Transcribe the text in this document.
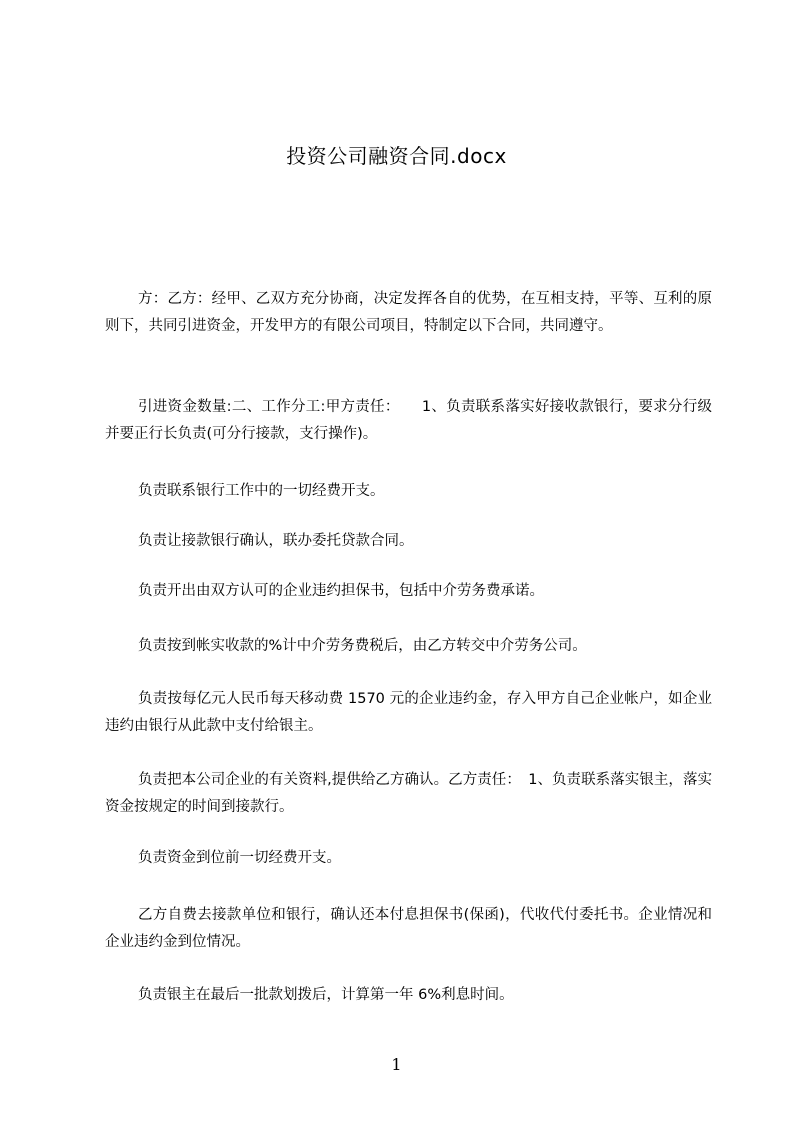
投资公司融资合同.docx

方：乙方：经甲、乙双方充分协商，决定发挥各自的优势，在互相支持，平等、互利的原则下，共同引进资金，开发甲方的有限公司项目，特制定以下合同，共同遵守。

引进资金数量:二、工作分工:甲方责任：　　1、负责联系落实好接收款银行，要求分行级并要正行长负责(可分行接款，支行操作)。

负责联系银行工作中的一切经费开支。

负责让接款银行确认，联办委托贷款合同。

负责开出由双方认可的企业违约担保书，包括中介劳务费承诺。

负责按到帐实收款的%计中介劳务费税后，由乙方转交中介劳务公司。

负责按每亿元人民币每天移动费 1570 元的企业违约金，存入甲方自己企业帐户，如企业违约由银行从此款中支付给银主。

负责把本公司企业的有关资料,提供给乙方确认。乙方责任：　1、负责联系落实银主，落实资金按规定的时间到接款行。

负责资金到位前一切经费开支。

乙方自费去接款单位和银行，确认还本付息担保书(保函)，代收代付委托书。企业情况和企业违约金到位情况。

负责银主在最后一批款划拨后，计算第一年 6%利息时间。

1
